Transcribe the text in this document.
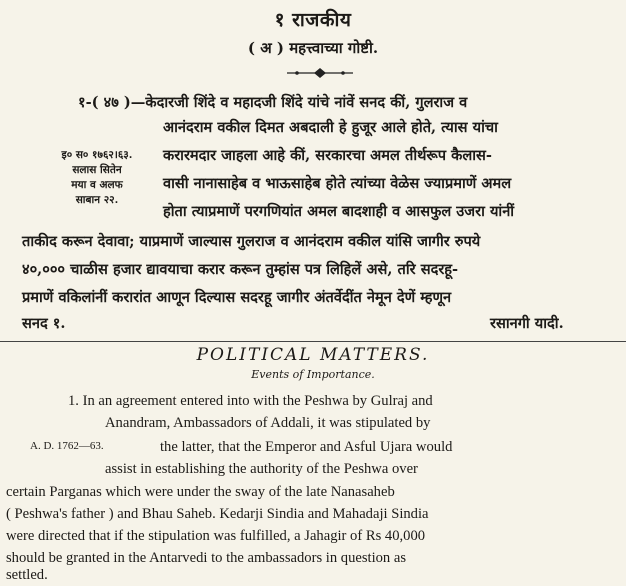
१ राजकीय
( अ ) महत्त्वाच्या गोष्टी.
१-( ४७ )—केदारजी शिंदे व महादजी शिंदे यांचे नांवें सनद कीं, गुलराज व
आनंदराम वकील दिमत अबदाली हे हुजूर आले होते, त्यास यांचा
करारमदार जाहला आहे कीं, सरकारचा अमल तीर्थरूप कैलास-
वासी नानासाहेब व भाऊसाहेब होते त्यांच्या वेळेस ज्याप्रमाणें अमल
होता त्याप्रमाणें परगणियांत अमल बादशाही व आसफुल उजरा यांनीं
ताकीद करून देवावा; याप्रमाणें जाल्यास गुलराज व आनंदराम वकील यांसि जागीर रुपये
४०,००० चाळीस हजार द्यावयाचा करार करून तुम्हांस पत्र लिहिलें असे, तरि सदरहू-
प्रमाणें वकिलांनीं करारांत आणून दिल्यास सदरहू जागीर अंतर्वेदींत नेमून देणें म्हणून
सनद १.	रसानगी यादी.
इ० स० १७६२।६३.
सलास सितेन
मया व अलफ
साबान २२.
POLITICAL MATTERS.
Events of Importance.
1. In an agreement entered into with the Peshwa by Gulraj and
Anandram, Ambassadors of Addali, it was stipulated by
the latter, that the Emperor and Asful Ujara would
assist in establishing the authority of the Peshwa over
certain Parganas which were under the sway of the late Nanasaheb
( Peshwa's father ) and Bhau Saheb. Kedarji Sindia and Mahadaji Sindia
were directed that if the stipulation was fulfilled, a Jahagir of Rs 40,000
should be granted in the Antarvedi to the ambassadors in question as
settled.
A. D. 1762—63.
